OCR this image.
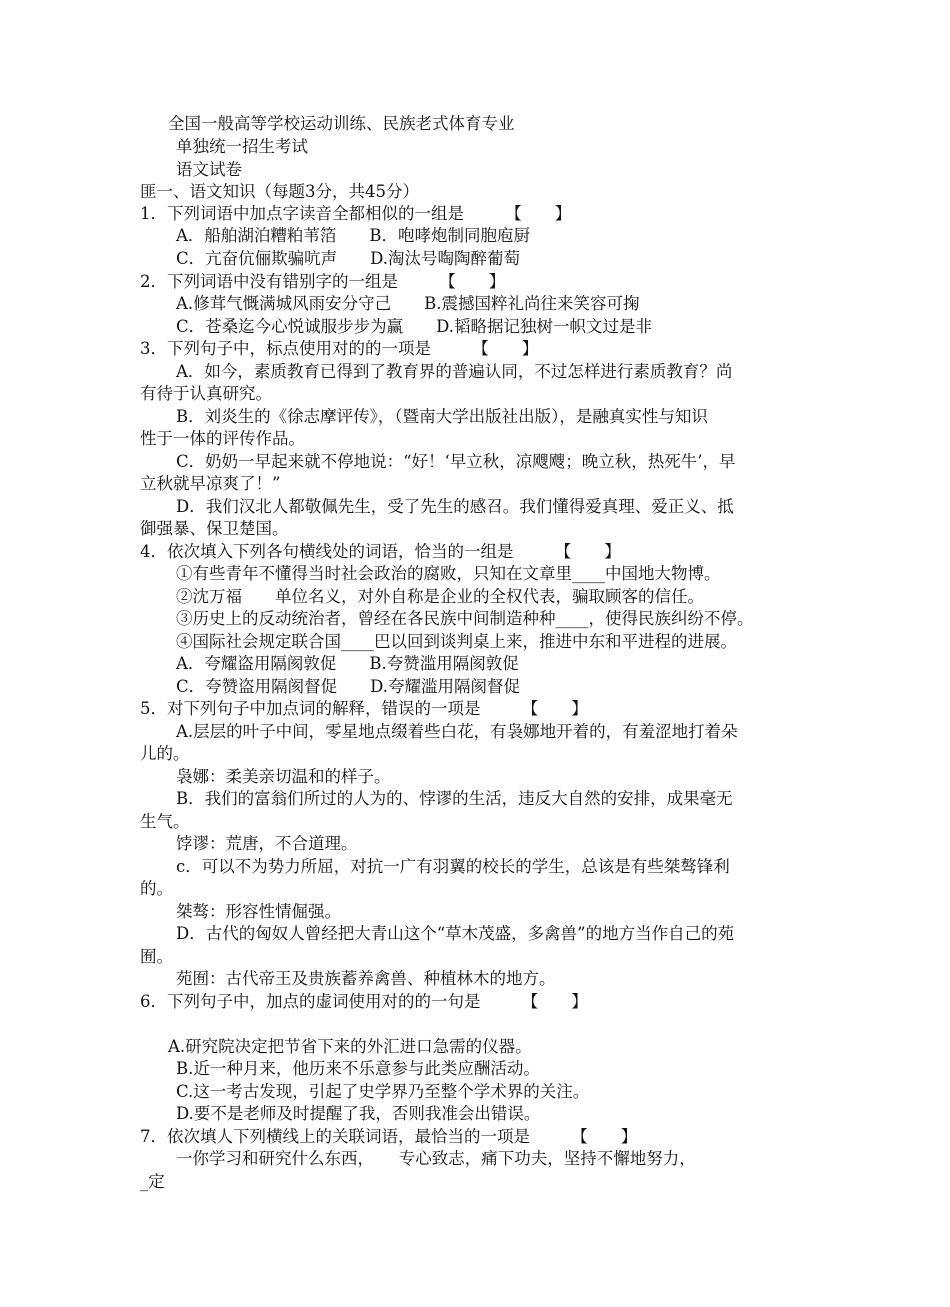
全国一般高等学校运动训练、民族老式体育专业
单独统一招生考试
语文试卷
匪一、语文知识（每题3分，共45分）
1．下列词语中加点字读音全都相似的一组是　　　【　　】
A．船舶湖泊糟粕苇箔　　B．咆哮炮制同胞庖厨
C．亢奋伉俪欺骗吭声　　D.淘汰号啕陶醉葡萄
2．下列词语中没有错别字的一组是　　　【　　】
A.修茸气慨满城风雨安分守己　　B.震撼国粹礼尚往来笑容可掬
C．苍桑迄今心悦诚服步步为赢　　D.韬略据记独树一帜文过是非
3．下列句子中，标点使用对的的一项是　　　【　　】
A．如今，素质教育已得到了教育界的普遍认同，不过怎样进行素质教育？尚
有待于认真研究。
B．刘炎生的《徐志摩评传》，（暨南大学出版社出版），是融真实性与知识
性于一体的评传作品。
C．奶奶一早起来就不停地说：“好！‘早立秋，凉飕飕；晚立秋，热死牛’，早
立秋就早凉爽了！”
D．我们汉北人都敬佩先生，受了先生的感召。我们懂得爱真理、爱正义、抵
御强暴、保卫楚国。
4．依次填入下列各句横线处的词语，恰当的一组是　　　【　　】
①有些青年不懂得当时社会政治的腐败，只知在文章里____中国地大物博。
②沈万福　　单位名义，对外自称是企业的全权代表，骗取顾客的信任。
③历史上的反动统治者，曾经在各民族中间制造种种____，使得民族纠纷不停。
④国际社会规定联合国____巴以回到谈判桌上来，推进中东和平进程的进展。
A．夸耀盗用隔阂敦促　　B.夸赞滥用隔阂敦促
C．夸赞盗用隔阂督促　　D.夸耀滥用隔阂督促
5．对下列句子中加点词的解释，错误的一项是　　　【　　】
A.层层的叶子中间，零星地点缀着些白花，有袅娜地开着的，有羞涩地打着朵
儿的。
袅娜：柔美亲切温和的样子。
B．我们的富翁们所过的人为的、悖谬的生活，违反大自然的安排，成果毫无
生气。
饽谬：荒唐，不合道理。
c．可以不为势力所屈，对抗一广有羽翼的校长的学生，总该是有些桀骜锋利
的。
桀骜：形容性情倔强。
D．古代的匈奴人曾经把大青山这个“草木茂盛，多禽兽”的地方当作自己的苑
囿。
苑囿：古代帝王及贵族蓄养禽兽、种植林木的地方。
6．下列句子中，加点的虚词使用对的的一句是　　　【　　】
A.研究院决定把节省下来的外汇进口急需的仪器。
B.近一种月来，他历来不乐意参与此类应酬活动。
C.这一考古发现，引起了史学界乃至整个学术界的关注。
D.要不是老师及时提醒了我，否则我准会出错误。
7．依次填人下列横线上的关联词语，最恰当的一项是　　　【　　】
一你学习和研究什么东西，　　专心致志，痛下功夫，坚持不懈地努力，
_定
